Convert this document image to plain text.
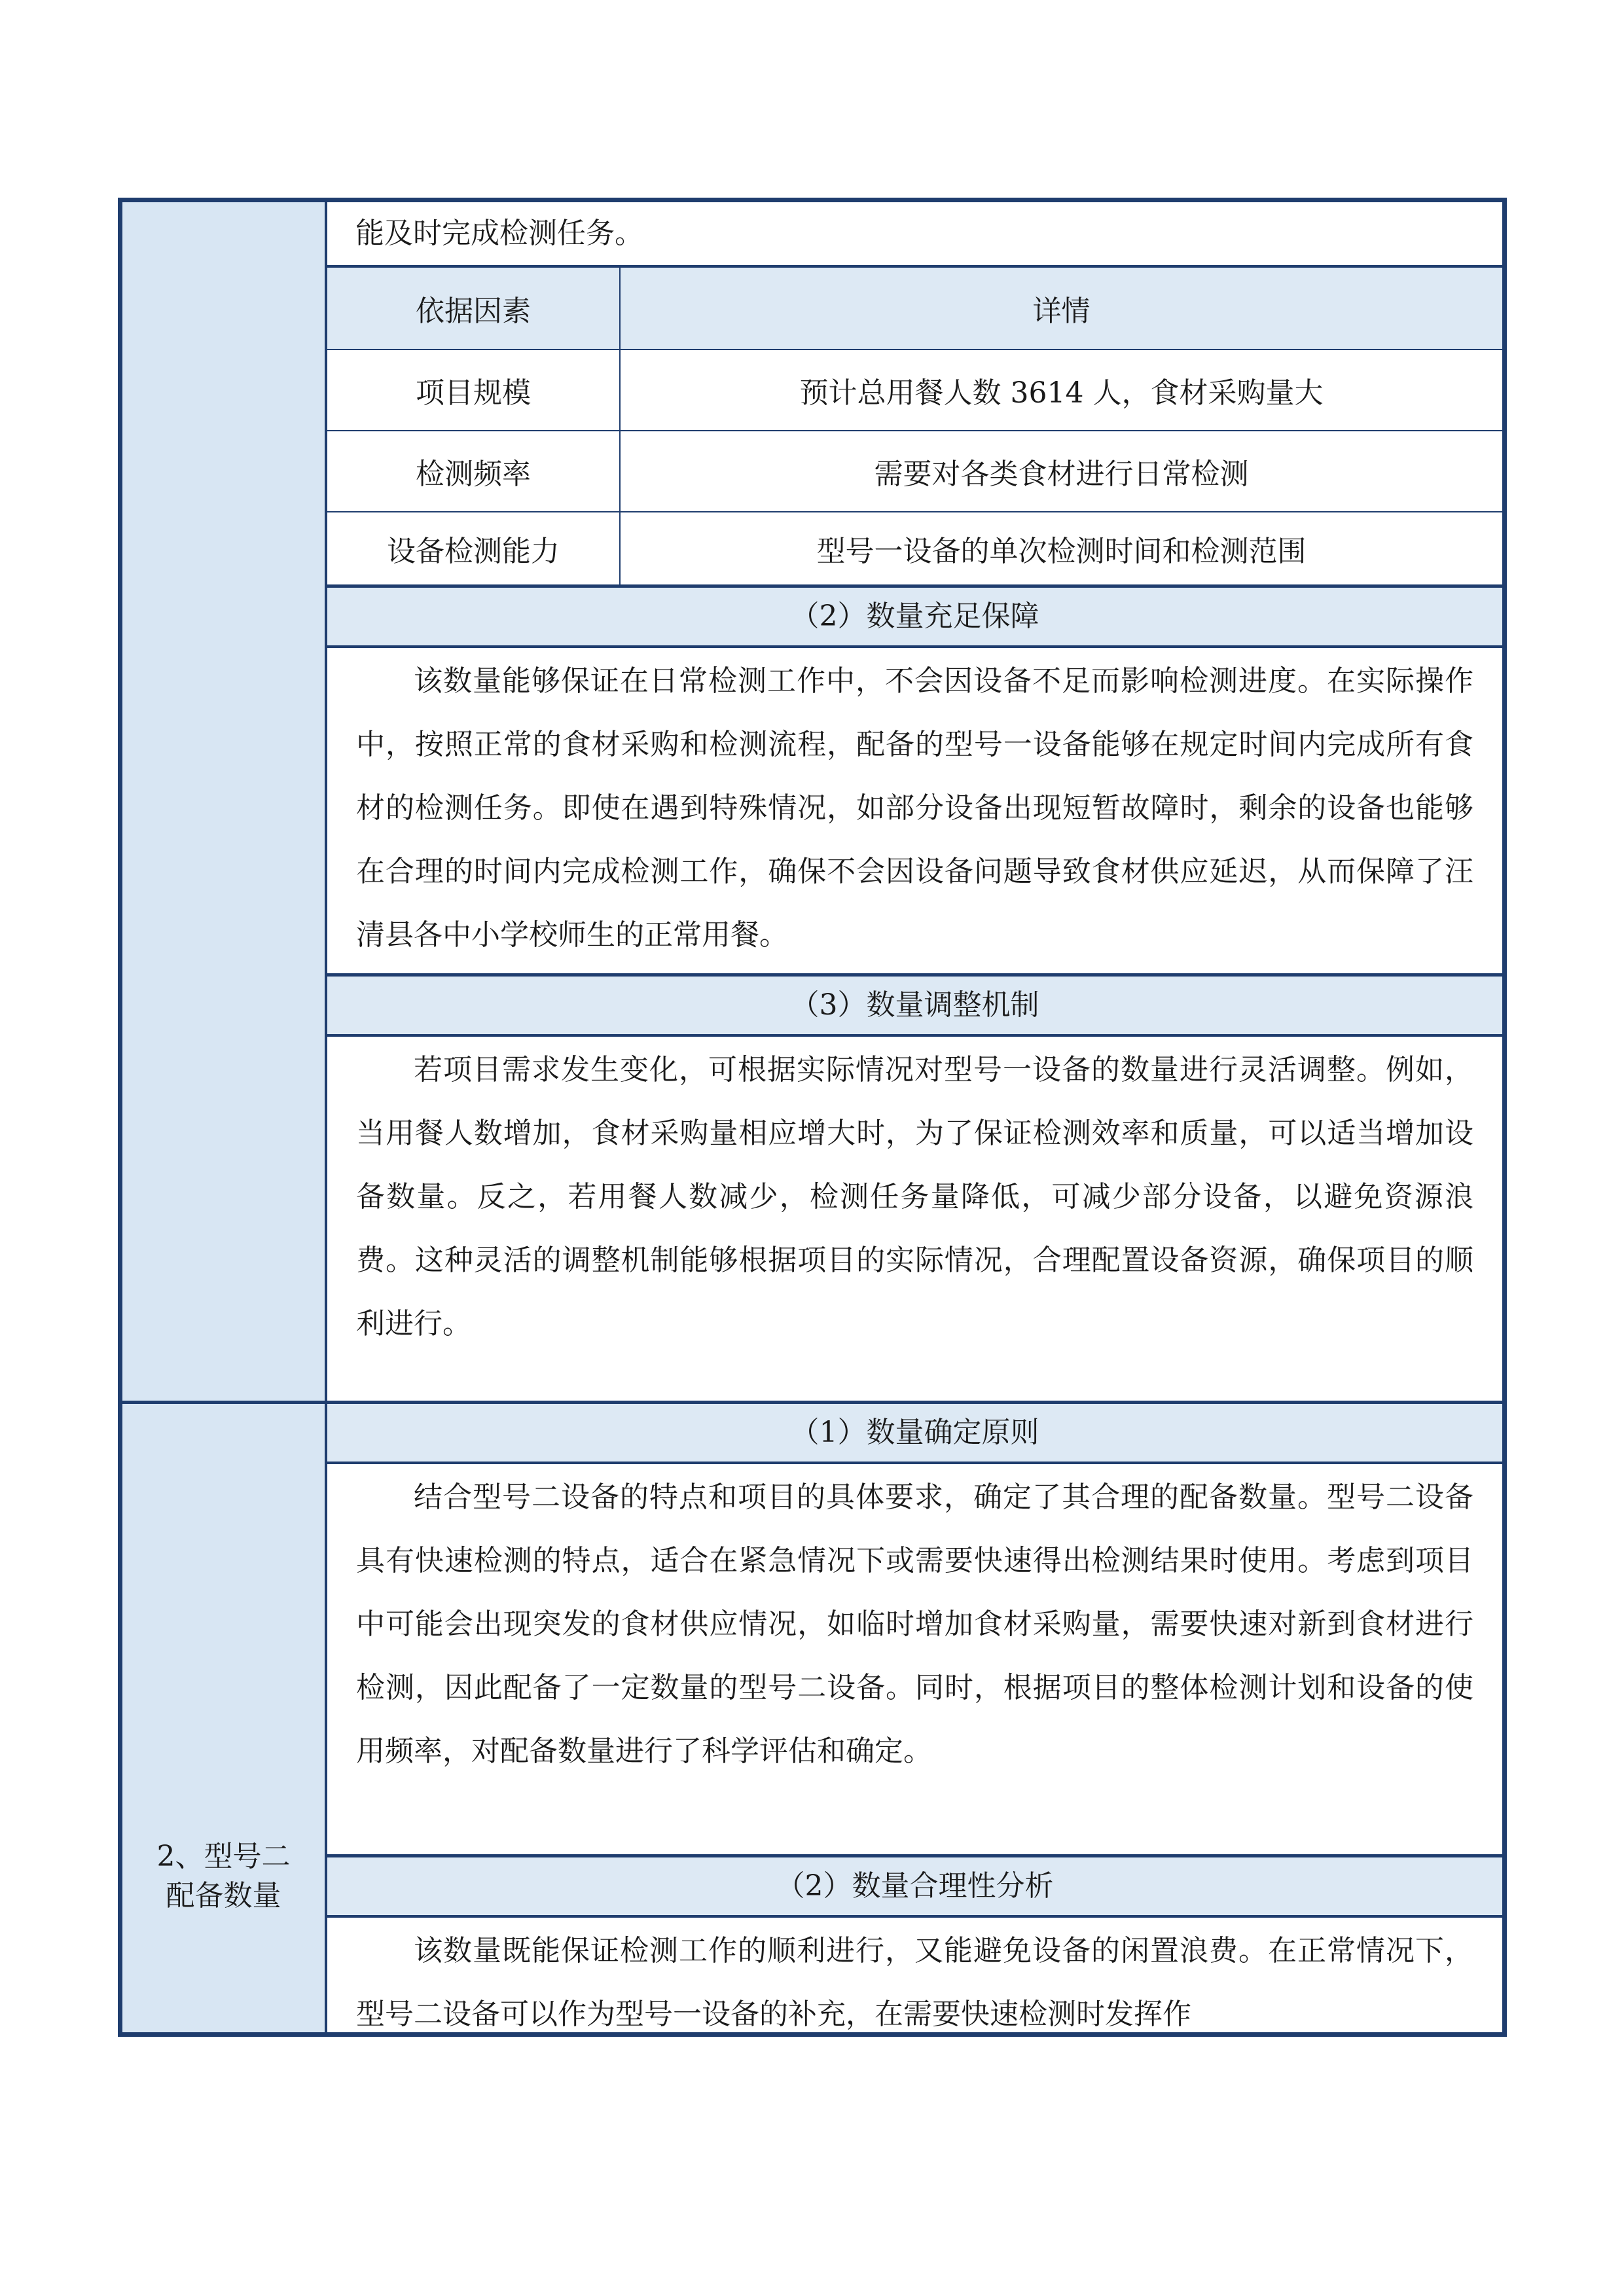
能及时完成检测任务。
依据因素	详情
项目规模	预计总用餐人数 3614 人，食材采购量大
检测频率	需要对各类食材进行日常检测
设备检测能力	型号一设备的单次检测时间和检测范围
（2）数量充足保障
该数量能够保证在日常检测工作中，不会因设备不足而影响检测进度。在实际操作中，按照正常的食材采购和检测流程，配备的型号一设备能够在规定时间内完成所有食材的检测任务。即使在遇到特殊情况，如部分设备出现短暂故障时，剩余的设备也能够在合理的时间内完成检测工作，确保不会因设备问题导致食材供应延迟，从而保障了汪清县各中小学校师生的正常用餐。
（3）数量调整机制
若项目需求发生变化，可根据实际情况对型号一设备的数量进行灵活调整。例如，当用餐人数增加，食材采购量相应增大时，为了保证检测效率和质量，可以适当增加设备数量。反之，若用餐人数减少，检测任务量降低，可减少部分设备，以避免资源浪费。这种灵活的调整机制能够根据项目的实际情况，合理配置设备资源，确保项目的顺利进行。
2、型号二
配备数量
（1）数量确定原则
结合型号二设备的特点和项目的具体要求，确定了其合理的配备数量。型号二设备具有快速检测的特点，适合在紧急情况下或需要快速得出检测结果时使用。考虑到项目中可能会出现突发的食材供应情况，如临时增加食材采购量，需要快速对新到食材进行检测，因此配备了一定数量的型号二设备。同时，根据项目的整体检测计划和设备的使用频率，对配备数量进行了科学评估和确定。
（2）数量合理性分析
该数量既能保证检测工作的顺利进行，又能避免设备的闲置浪费。在正常情况下，型号二设备可以作为型号一设备的补充，在需要快速检测时发挥作
